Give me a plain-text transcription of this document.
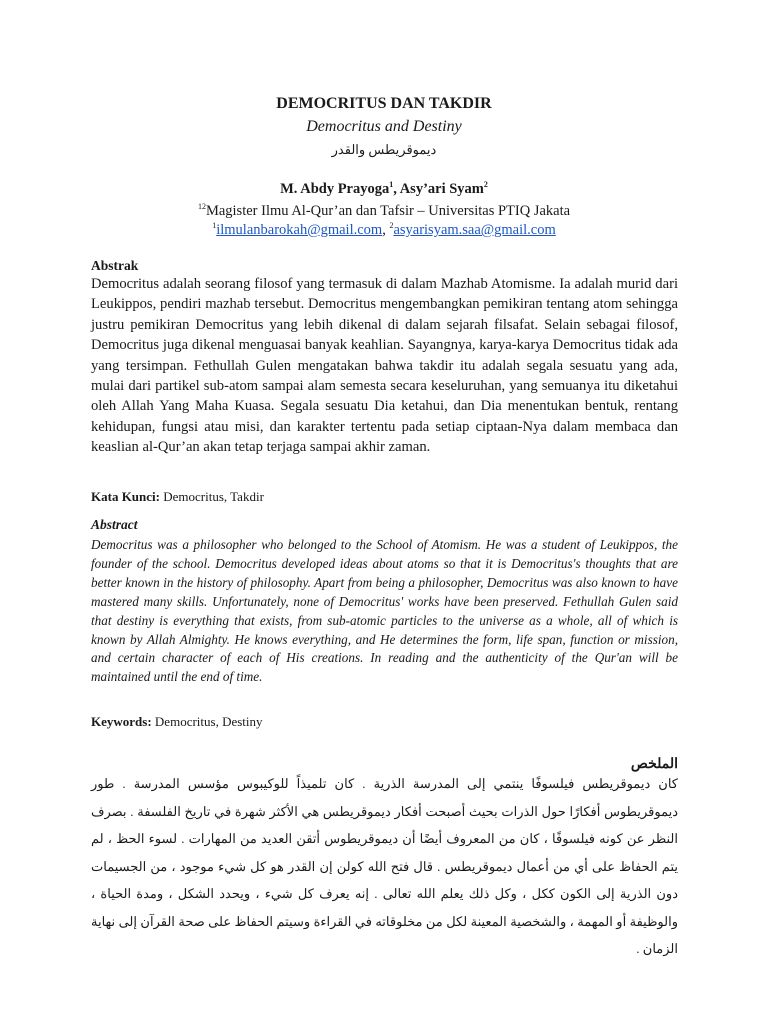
DEMOCRITUS DAN TAKDIR
Democritus and Destiny
ديموقريطس والقدر
M. Abdy Prayoga$^1$, Asy’ari Syam$^2$
$^{12}$Magister Ilmu Al-Qur’an dan Tafsir – Universitas PTIQ Jakata
$^1$ilmulanbarokah@gmail.com, $^2$asyarisyam.saa@gmail.com
Abstrak
Democritus adalah seorang filosof yang termasuk di dalam Mazhab Atomisme. Ia adalah murid dari Leukippos, pendiri mazhab tersebut. Democritus mengembangkan pemikiran tentang atom sehingga justru pemikiran Democritus yang lebih dikenal di dalam sejarah filsafat. Selain sebagai filosof, Democritus juga dikenal menguasai banyak keahlian. Sayangnya, karya-karya Democritus tidak ada yang tersimpan. Fethullah Gulen mengatakan bahwa takdir itu adalah segala sesuatu yang ada, mulai dari partikel sub-atom sampai alam semesta secara keseluruhan, yang semuanya itu diketahui oleh Allah Yang Maha Kuasa. Segala sesuatu Dia ketahui, dan Dia menentukan bentuk, rentang kehidupan, fungsi atau misi, dan karakter tertentu pada setiap ciptaan-Nya dalam membaca dan keaslian al-Qur’an akan tetap terjaga sampai akhir zaman.
Kata Kunci: Democritus, Takdir
Abstract
Democritus was a philosopher who belonged to the School of Atomism. He was a student of Leukippos, the founder of the school. Democritus developed ideas about atoms so that it is Democritus's thoughts that are better known in the history of philosophy. Apart from being a philosopher, Democritus was also known to have mastered many skills. Unfortunately, none of Democritus' works have been preserved. Fethullah Gulen said that destiny is everything that exists, from sub-atomic particles to the universe as a whole, all of which is known by Allah Almighty. He knows everything, and He determines the form, life span, function or mission, and certain character of each of His creations. In reading and the authenticity of the Qur'an will be maintained until the end of time.
Keywords: Democritus, Destiny
الملخص
كان ديموقريطس فيلسوفًا ينتمي إلى المدرسة الذرية . كان تلميذاً للوكيبوس مؤسس المدرسة . طور ديموقريطوس أفكارًا حول الذرات بحيث أصبحت أفكار ديموقريطس هي الأكثر شهرة في تاريخ الفلسفة . بصرف النظر عن كونه فيلسوفًا ، كان من المعروف أيضًا أن ديموقريطوس أتقن العديد من المهارات . لسوء الحظ ، لم يتم الحفاظ على أي من أعمال ديموقريطس . قال فتح الله كولن إن القدر هو كل شيء موجود ، من الجسيمات دون الذرية إلى الكون ككل ، وكل ذلك يعلم الله تعالى . إنه يعرف كل شيء ، ويحدد الشكل ، ومدة الحياة ، والوظيفة أو المهمة ، والشخصية المعينة لكل من مخلوقاته في القراءة وسيتم الحفاظ على صحة القرآن إلى نهاية الزمان .
